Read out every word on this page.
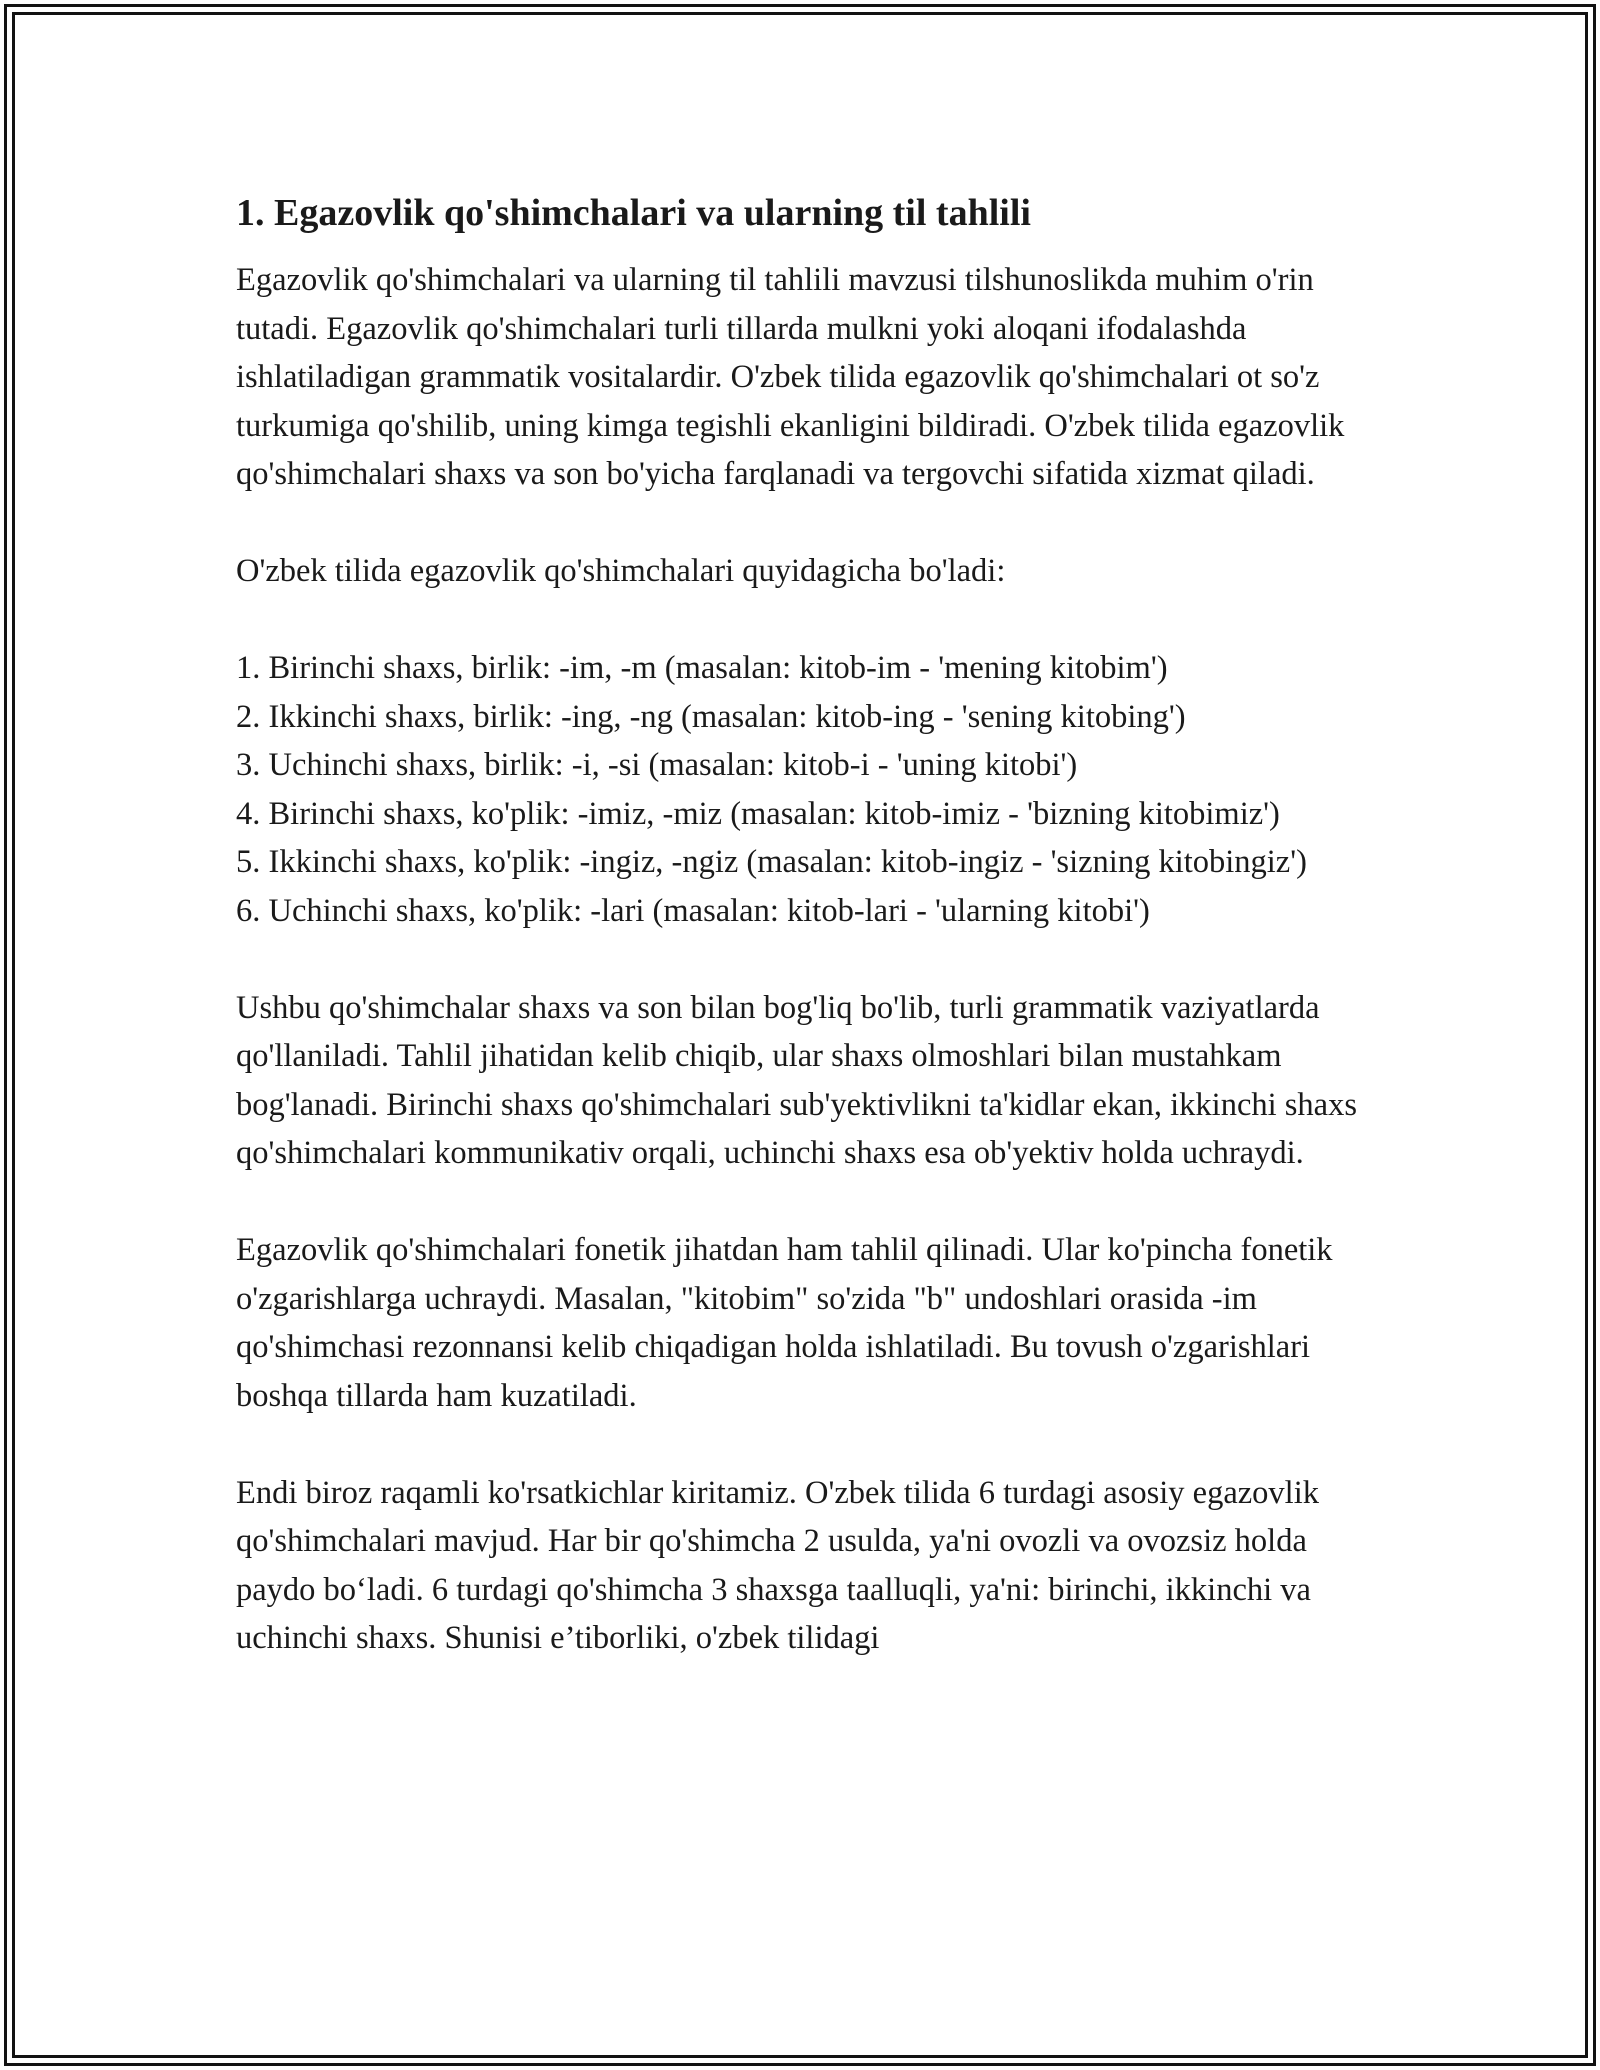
1. Egazovlik qo'shimchalari va ularning til tahlili

Egazovlik qo'shimchalari va ularning til tahlili mavzusi tilshunoslikda muhim o'rin tutadi. Egazovlik qo'shimchalari turli tillarda mulkni yoki aloqani ifodalashda ishlatiladigan grammatik vositalardir. O'zbek tilida egazovlik qo'shimchalari ot so'z turkumiga qo'shilib, uning kimga tegishli ekanligini bildiradi. O'zbek tilida egazovlik qo'shimchalari shaxs va son bo'yicha farqlanadi va tergovchi sifatida xizmat qiladi.

O'zbek tilida egazovlik qo'shimchalari quyidagicha bo'ladi:

1. Birinchi shaxs, birlik: -im, -m (masalan: kitob-im - 'mening kitobim')
2. Ikkinchi shaxs, birlik: -ing, -ng (masalan: kitob-ing - 'sening kitobing')
3. Uchinchi shaxs, birlik: -i, -si (masalan: kitob-i - 'uning kitobi')
4. Birinchi shaxs, ko'plik: -imiz, -miz (masalan: kitob-imiz - 'bizning kitobimiz')
5. Ikkinchi shaxs, ko'plik: -ingiz, -ngiz (masalan: kitob-ingiz - 'sizning kitobingiz')
6. Uchinchi shaxs, ko'plik: -lari (masalan: kitob-lari - 'ularning kitobi')

Ushbu qo'shimchalar shaxs va son bilan bog'liq bo'lib, turli grammatik vaziyatlarda qo'llaniladi. Tahlil jihatidan kelib chiqib, ular shaxs olmoshlari bilan mustahkam bog'lanadi. Birinchi shaxs qo'shimchalari sub'yektivlikni ta'kidlar ekan, ikkinchi shaxs qo'shimchalari kommunikativ orqali, uchinchi shaxs esa ob'yektiv holda uchraydi.

Egazovlik qo'shimchalari fonetik jihatdan ham tahlil qilinadi. Ular ko'pincha fonetik o'zgarishlarga uchraydi. Masalan, "kitobim" so'zida "b" undoshlari orasida -im qo'shimchasi rezonnansi kelib chiqadigan holda ishlatiladi. Bu tovush o'zgarishlari boshqa tillarda ham kuzatiladi.

Endi biroz raqamli ko'rsatkichlar kiritamiz. O'zbek tilida 6 turdagi asosiy egazovlik qo'shimchalari mavjud. Har bir qo'shimcha 2 usulda, ya'ni ovozli va ovozsiz holda paydo bo‘ladi. 6 turdagi qo'shimcha 3 shaxsga taalluqli, ya'ni: birinchi, ikkinchi va uchinchi shaxs. Shunisi e’tiborliki, o'zbek tilidagi
